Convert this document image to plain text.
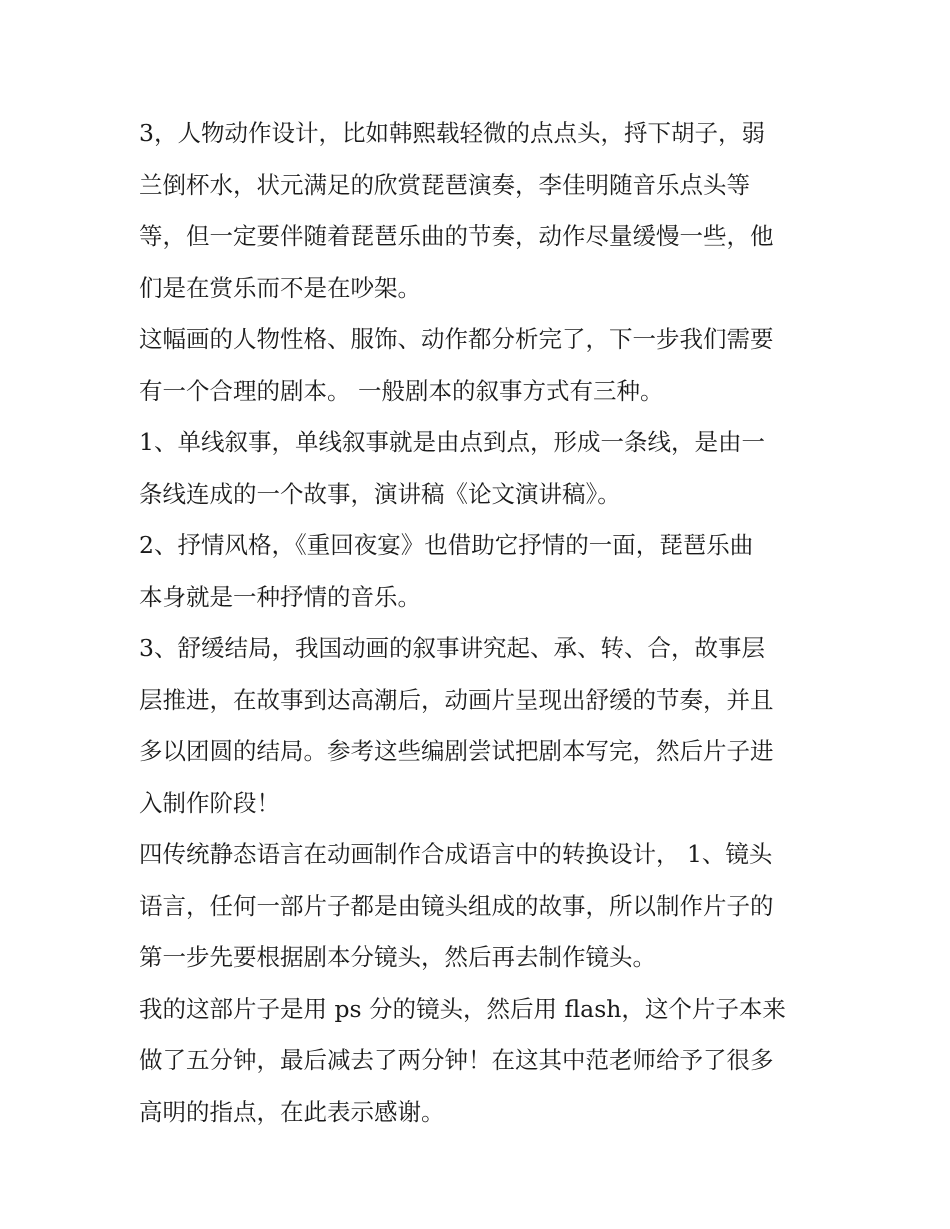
3，人物动作设计，比如韩熙载轻微的点点头，捋下胡子，弱
兰倒杯水，状元满足的欣赏琵琶演奏，李佳明随音乐点头等
等，但一定要伴随着琵琶乐曲的节奏，动作尽量缓慢一些，他
们是在赏乐而不是在吵架。
这幅画的人物性格、服饰、动作都分析完了，下一步我们需要
有一个合理的剧本。 一般剧本的叙事方式有三种。
1、单线叙事，单线叙事就是由点到点，形成一条线，是由一
条线连成的一个故事，演讲稿《论文演讲稿》。
2、抒情风格，《重回夜宴》也借助它抒情的一面，琵琶乐曲
本身就是一种抒情的音乐。
3、舒缓结局，我国动画的叙事讲究起、承、转、合，故事层
层推进，在故事到达高潮后，动画片呈现出舒缓的节奏，并且
多以团圆的结局。参考这些编剧尝试把剧本写完，然后片子进
入制作阶段！
四传统静态语言在动画制作合成语言中的转换设计， 1、镜头
语言，任何一部片子都是由镜头组成的故事，所以制作片子的
第一步先要根据剧本分镜头，然后再去制作镜头。
我的这部片子是用 ps 分的镜头，然后用 flash，这个片子本来
做了五分钟，最后减去了两分钟！在这其中范老师给予了很多
高明的指点，在此表示感谢。
